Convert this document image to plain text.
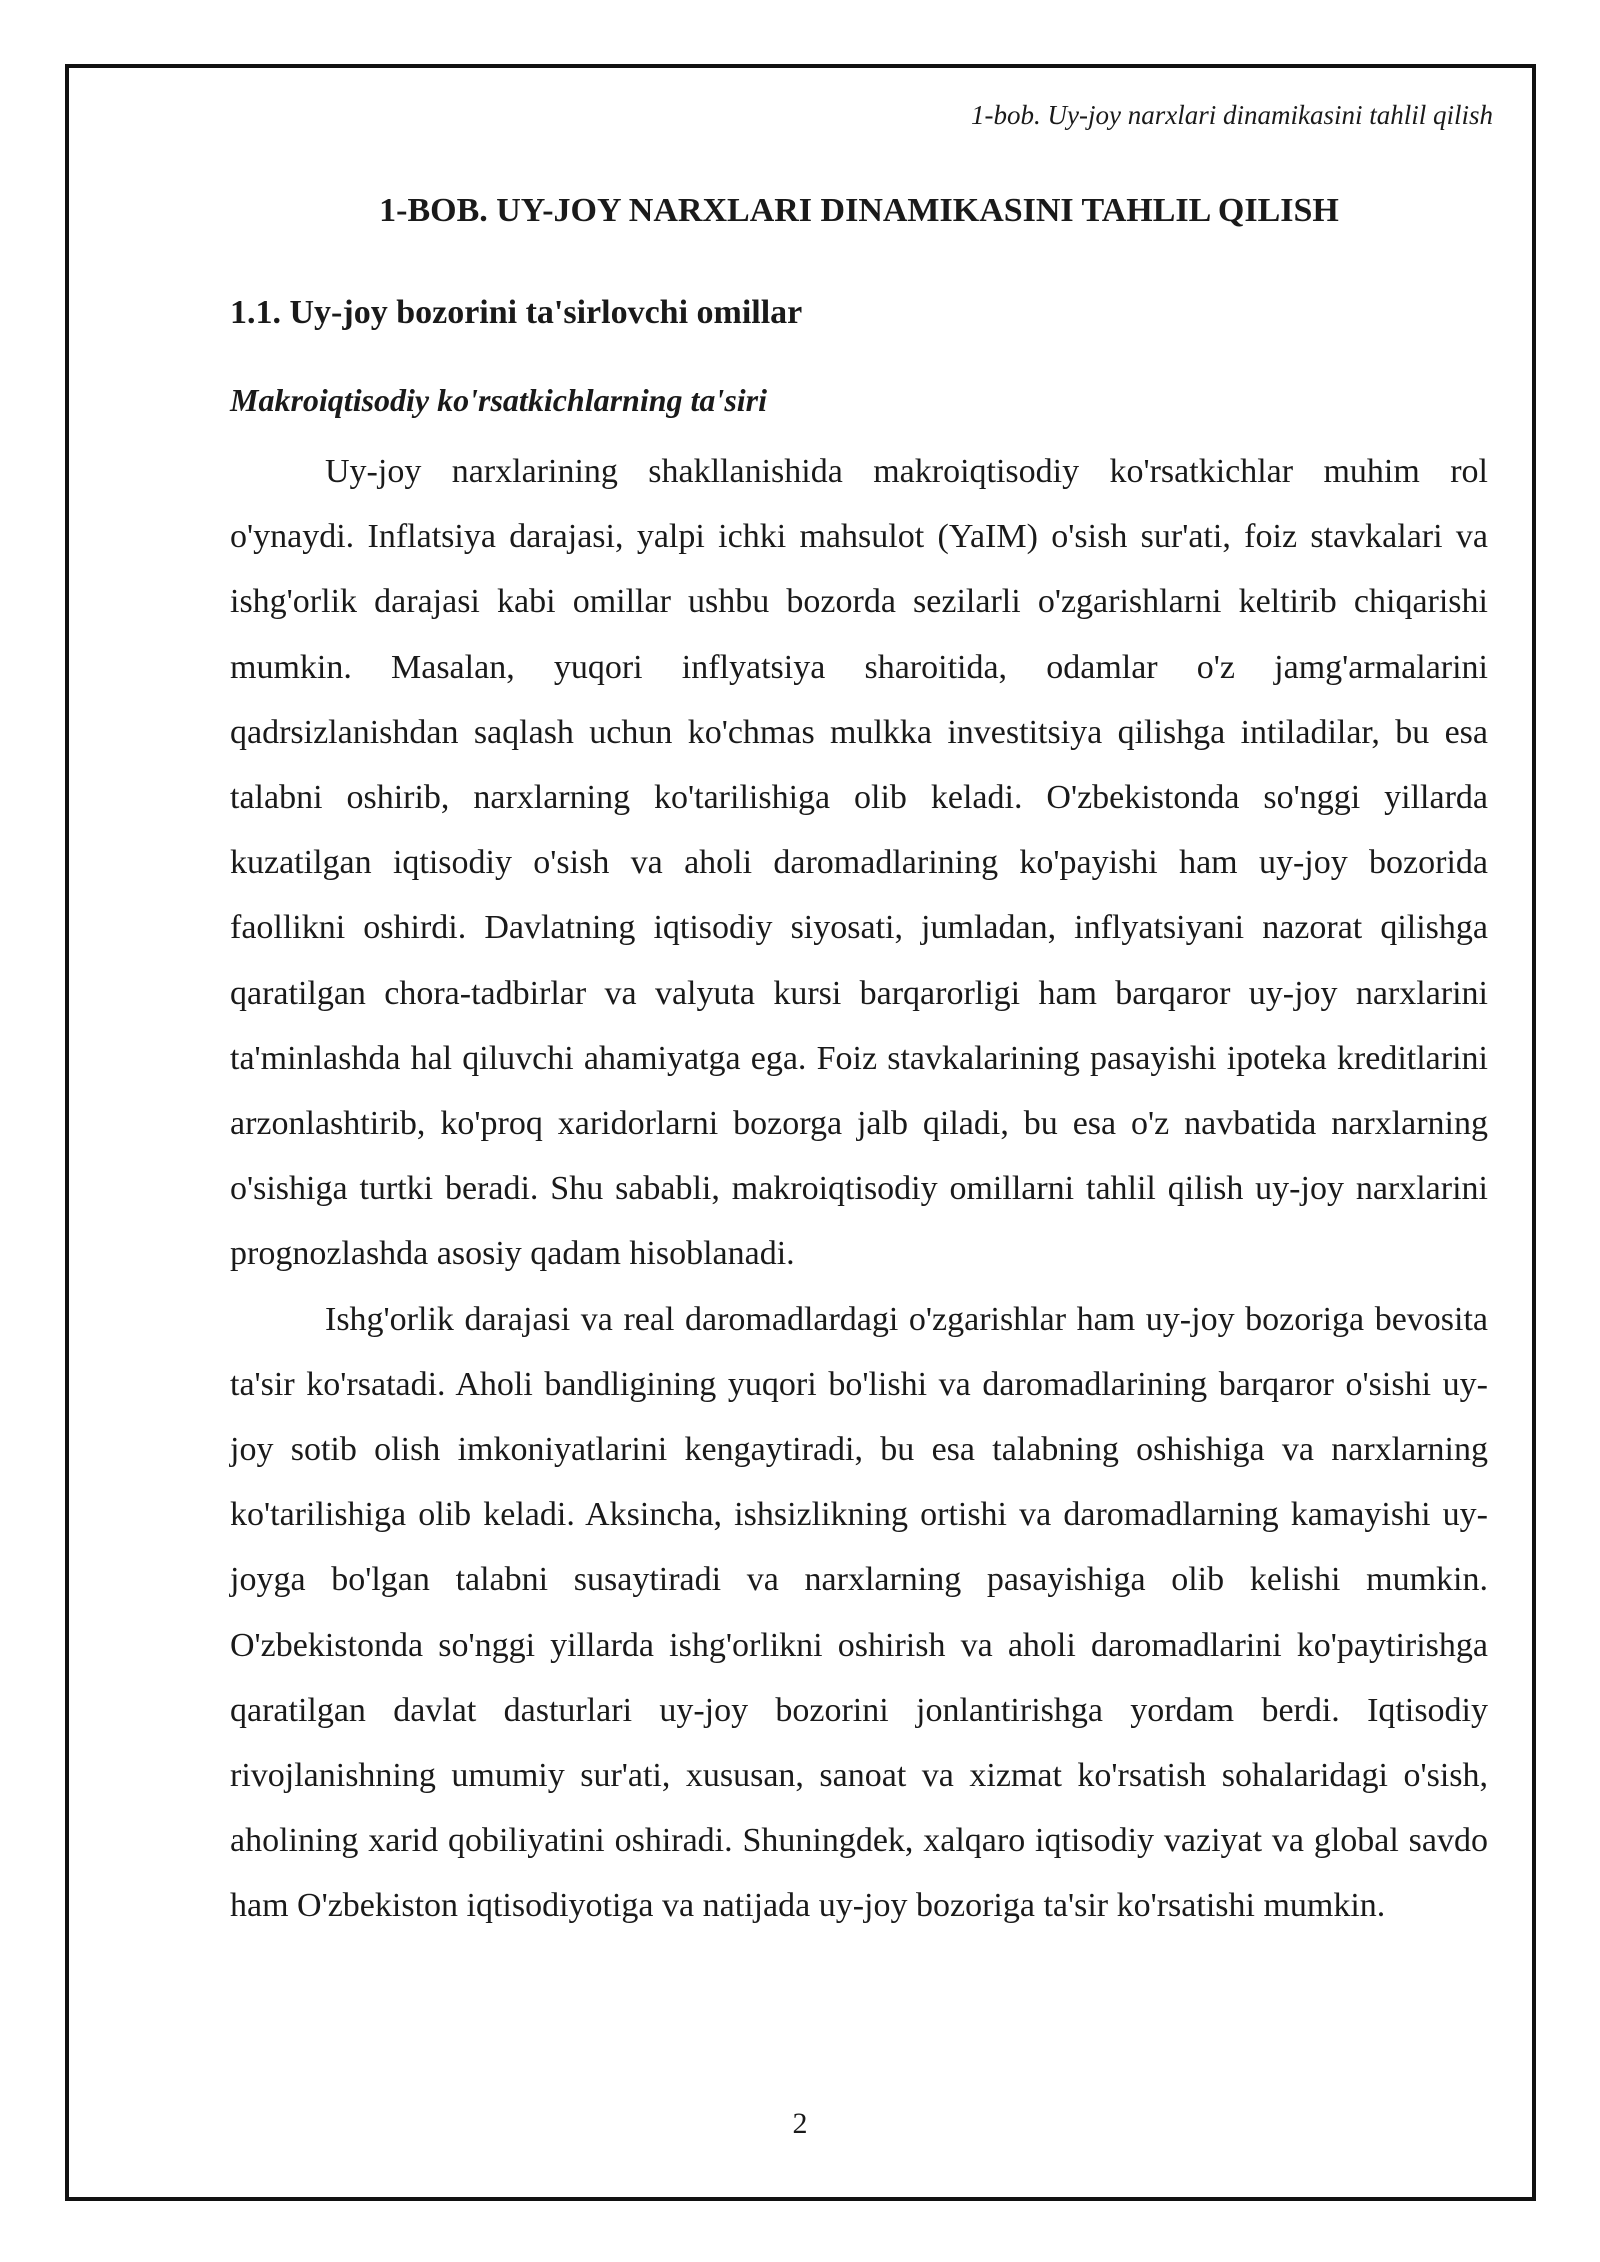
1-bob. Uy-joy narxlari dinamikasini tahlil qilish
1-BOB. UY-JOY NARXLARI DINAMIKASINI TAHLIL QILISH
1.1. Uy-joy bozorini ta'sirlovchi omillar
Makroiqtisodiy ko'rsatkichlarning ta'siri

Uy-joy narxlarining shakllanishida makroiqtisodiy ko'rsatkichlar muhim rol o'ynaydi. Inflatsiya darajasi, yalpi ichki mahsulot (YaIM) o'sish sur'ati, foiz stavkalari va ishg'orlik darajasi kabi omillar ushbu bozorda sezilarli o'zgarishlarni keltirib chiqarishi mumkin. Masalan, yuqori inflyatsiya sharoitida, odamlar o'z jamg'armalarini qadrsizlanishdan saqlash uchun ko'chmas mulkka investitsiya qilishga intiladilar, bu esa talabni oshirib, narxlarning ko'tarilishiga olib keladi. O'zbekistonda so'nggi yillarda kuzatilgan iqtisodiy o'sish va aholi daromadlarining ko'payishi ham uy-joy bozorida faollikni oshirdi. Davlatning iqtisodiy siyosati, jumladan, inflyatsiyani nazorat qilishga qaratilgan chora-tadbirlar va valyuta kursi barqarorligi ham barqaror uy-joy narxlarini ta'minlashda hal qiluvchi ahamiyatga ega. Foiz stavkalarining pasayishi ipoteka kreditlarini arzonlashtirib, ko'proq xaridorlarni bozorga jalb qiladi, bu esa o'z navbatida narxlarning o'sishiga turtki beradi. Shu sababli, makroiqtisodiy omillarni tahlil qilish uy-joy narxlarini prognozlashda asosiy qadam hisoblanadi.

Ishg'orlik darajasi va real daromadlardagi o'zgarishlar ham uy-joy bozoriga bevosita ta'sir ko'rsatadi. Aholi bandligining yuqori bo'lishi va daromadlarining barqaror o'sishi uy-joy sotib olish imkoniyatlarini kengaytiradi, bu esa talabning oshishiga va narxlarning ko'tarilishiga olib keladi. Aksincha, ishsizlikning ortishi va daromadlarning kamayishi uy-joyga bo'lgan talabni susaytiradi va narxlarning pasayishiga olib kelishi mumkin. O'zbekistonda so'nggi yillarda ishg'orlikni oshirish va aholi daromadlarini ko'paytirishga qaratilgan davlat dasturlari uy-joy bozorini jonlantirishga yordam berdi. Iqtisodiy rivojlanishning umumiy sur'ati, xususan, sanoat va xizmat ko'rsatish sohalaridagi o'sish, aholining xarid qobiliyatini oshiradi. Shuningdek, xalqaro iqtisodiy vaziyat va global savdo ham O'zbekiston iqtisodiyotiga va natijada uy-joy bozoriga ta'sir ko'rsatishi mumkin.

2
